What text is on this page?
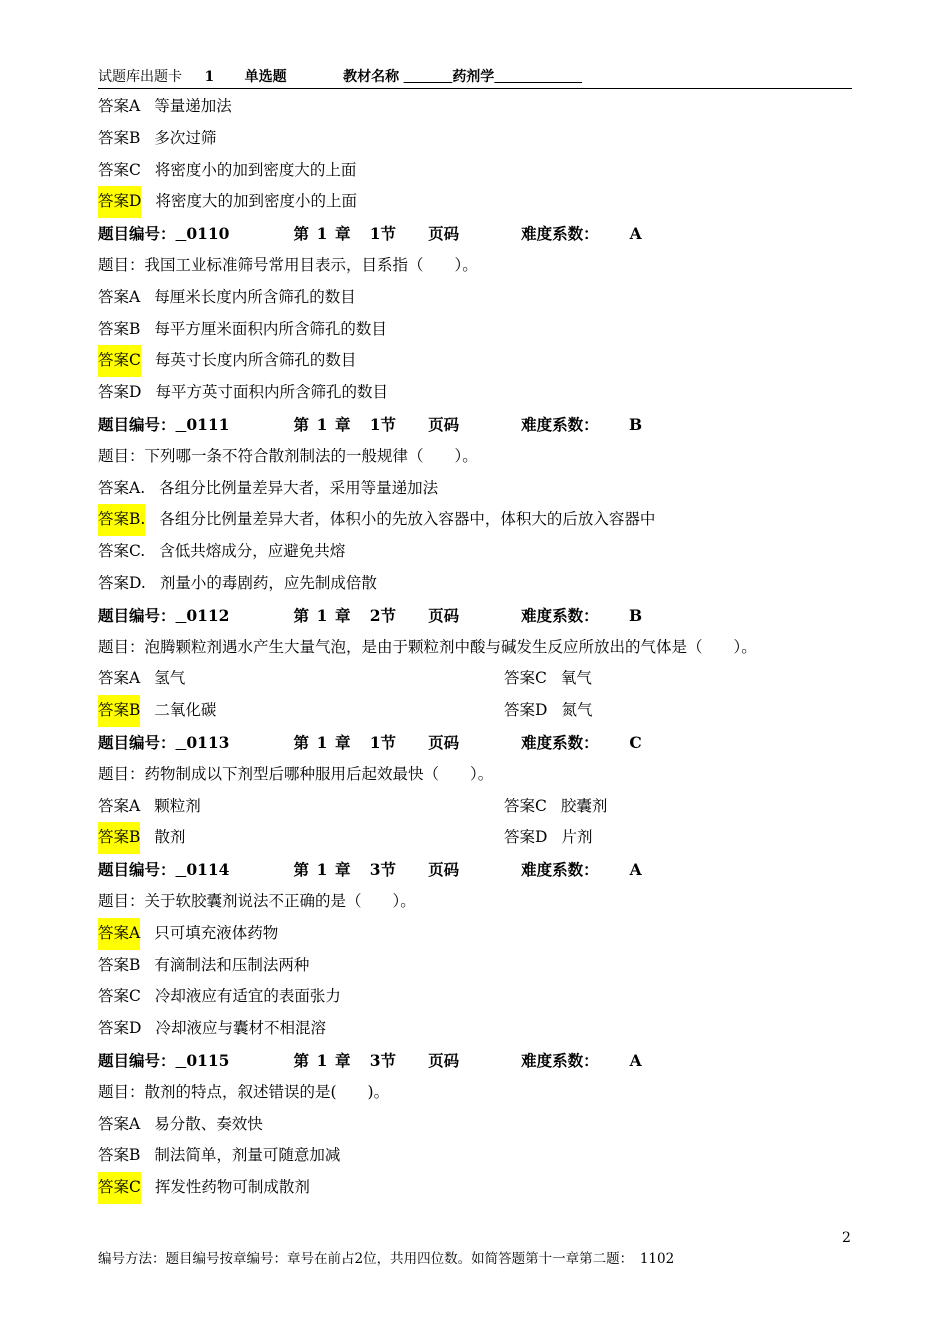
试题库出题卡 1 单选题	教材名称	药剂学
答案A 等量递加法
答案B 多次过筛
答案C 将密度小的加到密度大的上面
答案D 将密度大的加到密度小的上面
题目编号： 0110	第 1 章 1节 页码	难度系数： A
题目：我国工业标准筛号常用目表示，目系指（　　）。
答案A 每厘米长度内所含筛孔的数目
答案B 每平方厘米面积内所含筛孔的数目
答案C 每英寸长度内所含筛孔的数目
答案D 每平方英寸面积内所含筛孔的数目
题目编号： 0111	第 1 章 1节 页码	难度系数： B
题目：下列哪一条不符合散剂制法的一般规律（　　）。
答案A. 各组分比例量差异大者，采用等量递加法
答案B. 各组分比例量差异大者，体积小的先放入容器中，体积大的后放入容器中
答案C. 含低共熔成分，应避免共熔
答案D. 剂量小的毒剧药，应先制成倍散
题目编号： 0112	第 1 章 2节 页码	难度系数： B
题目：泡腾颗粒剂遇水产生大量气泡，是由于颗粒剂中酸与碱发生反应所放出的气体是（　　）。
答案A 氢气	答案C 氧气
答案B 二氧化碳	答案D 氮气
题目编号： 0113	第 1 章 1节 页码	难度系数： C
题目：药物制成以下剂型后哪种服用后起效最快（　　）。
答案A 颗粒剂	答案C 胶囊剂
答案B 散剂	答案D 片剂
题目编号： 0114	第 1 章 3节 页码	难度系数： A
题目：关于软胶囊剂说法不正确的是（　　）。
答案A 只可填充液体药物
答案B 有滴制法和压制法两种
答案C 冷却液应有适宜的表面张力
答案D 冷却液应与囊材不相混溶
题目编号： 0115	第 1 章 3节 页码	难度系数： A
题目：散剂的特点，叙述错误的是(　　)。
答案A 易分散、奏效快
答案B 制法简单，剂量可随意加减
答案C 挥发性药物可制成散剂
2
编号方法：题目编号按章编号：章号在前占2位，共用四位数。如简答题第十一章第二题：　1102
